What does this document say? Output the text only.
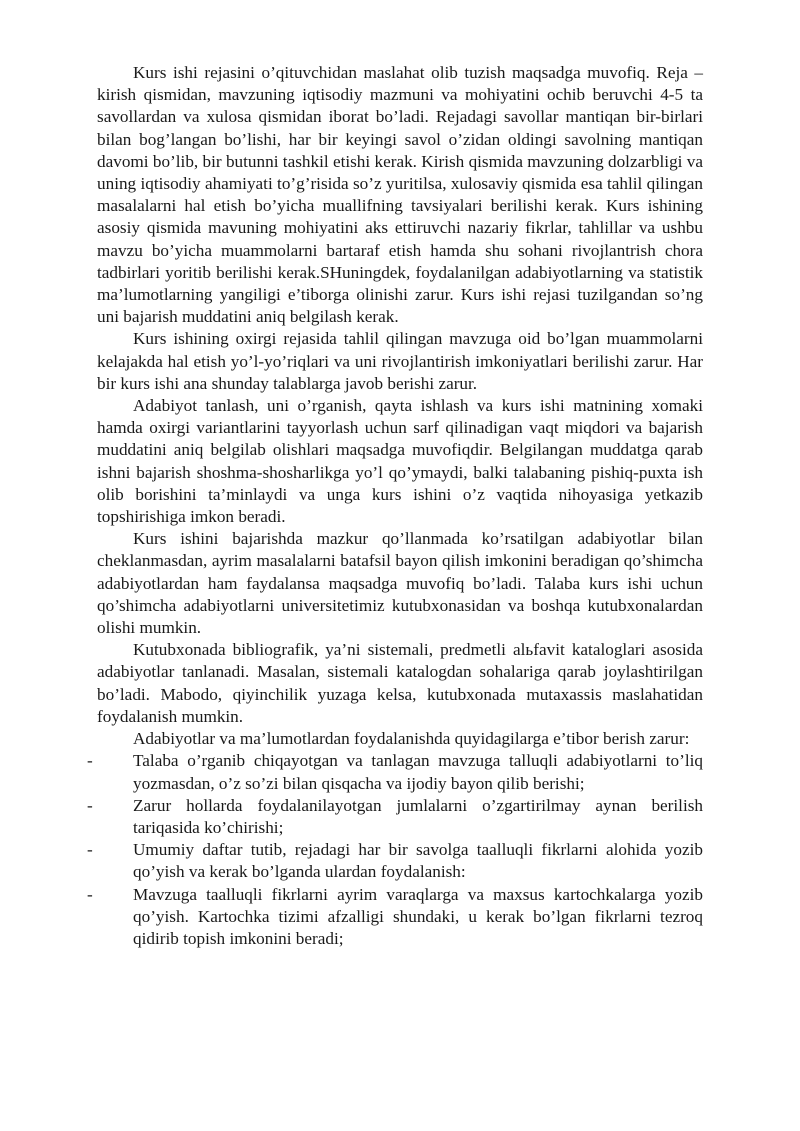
Kurs ishi rejasini o’qituvchidan maslahat olib tuzish maqsadga muvofiq. Reja – kirish qismidan, mavzuning iqtisodiy mazmuni va mohiyatini ochib beruvchi 4-5 ta savollardan va xulosa qismidan iborat bo’ladi. Rejadagi savollar mantiqan bir-birlari bilan bog’langan bo’lishi, har bir keyingi savol o’zidan oldingi savolning mantiqan davomi bo’lib, bir butunni tashkil etishi kerak. Kirish qismida mavzuning dolzarbligi va uning iqtisodiy ahamiyati to’g’risida so’z yuritilsa, xulosaviy qismida esa tahlil qilingan masalalarni hal etish bo’yicha muallifning tavsiyalari berilishi kerak. Kurs ishining asosiy qismida mavuning mohiyatini aks ettiruvchi nazariy fikrlar, tahlillar va ushbu mavzu bo’yicha muammolarni bartaraf etish hamda shu sohani rivojlantrish chora tadbirlari yoritib berilishi kerak.SHuningdek, foydalanilgan adabiyotlarning va statistik ma’lumotlarning yangiligi e’tiborga olinishi zarur. Kurs ishi rejasi tuzilgandan so’ng uni bajarish muddatini aniq belgilash kerak.

Kurs ishining oxirgi rejasida tahlil qilingan mavzuga oid bo’lgan muammolarni kelajakda hal etish yo’l-yo’riqlari va uni rivojlantirish imkoniyatlari berilishi zarur. Har bir kurs ishi ana shunday talablarga javob berishi zarur.

Adabiyot tanlash, uni o’rganish, qayta ishlash va kurs ishi matnining xomaki hamda oxirgi variantlarini tayyorlash uchun sarf qilinadigan vaqt miqdori va bajarish muddatini aniq belgilab olishlari maqsadga muvofiqdir. Belgilangan muddatga qarab ishni bajarish shoshma-shosharlikga yo’l qo’ymaydi, balki talabaning pishiq-puxta ish olib borishini ta’minlaydi va unga kurs ishini o’z vaqtida nihoyasiga yetkazib topshirishiga imkon beradi.

Kurs ishini bajarishda mazkur qo’llanmada ko’rsatilgan adabiyotlar bilan cheklanmasdan, ayrim masalalarni batafsil bayon qilish imkonini beradigan qo’shimcha adabiyotlardan ham faydalansa maqsadga muvofiq bo’ladi. Talaba kurs ishi uchun qo’shimcha adabiyotlarni universitetimiz kutubxonasidan va boshqa kutubxonalardan olishi mumkin.

Kutubxonada bibliografik, ya’ni sistemali, predmetli alьfavit kataloglari asosida adabiyotlar tanlanadi. Masalan, sistemali katalogdan sohalariga qarab joylashtirilgan bo’ladi. Mabodo, qiyinchilik yuzaga kelsa, kutubxonada mutaxassis maslahatidan foydalanish mumkin.

Adabiyotlar va ma’lumotlardan foydalanishda quyidagilarga e’tibor berish zarur:

-	Talaba o’rganib chiqayotgan va tanlagan mavzuga talluqli adabiyotlarni to’liq yozmasdan, o’z so’zi bilan qisqacha va ijodiy bayon qilib berishi;
-	Zarur hollarda foydalanilayotgan jumlalarni o’zgartirilmay aynan berilish tariqasida ko’chirishi;
-	Umumiy daftar tutib, rejadagi har bir savolga taalluqli fikrlarni alohida yozib qo’yish va kerak bo’lganda ulardan foydalanish:
-	Mavzuga taalluqli fikrlarni ayrim varaqlarga va maxsus kartochkalarga yozib qo’yish. Kartochka tizimi afzalligi shundaki, u kerak bo’lgan fikrlarni tezroq qidirib topish imkonini beradi;
